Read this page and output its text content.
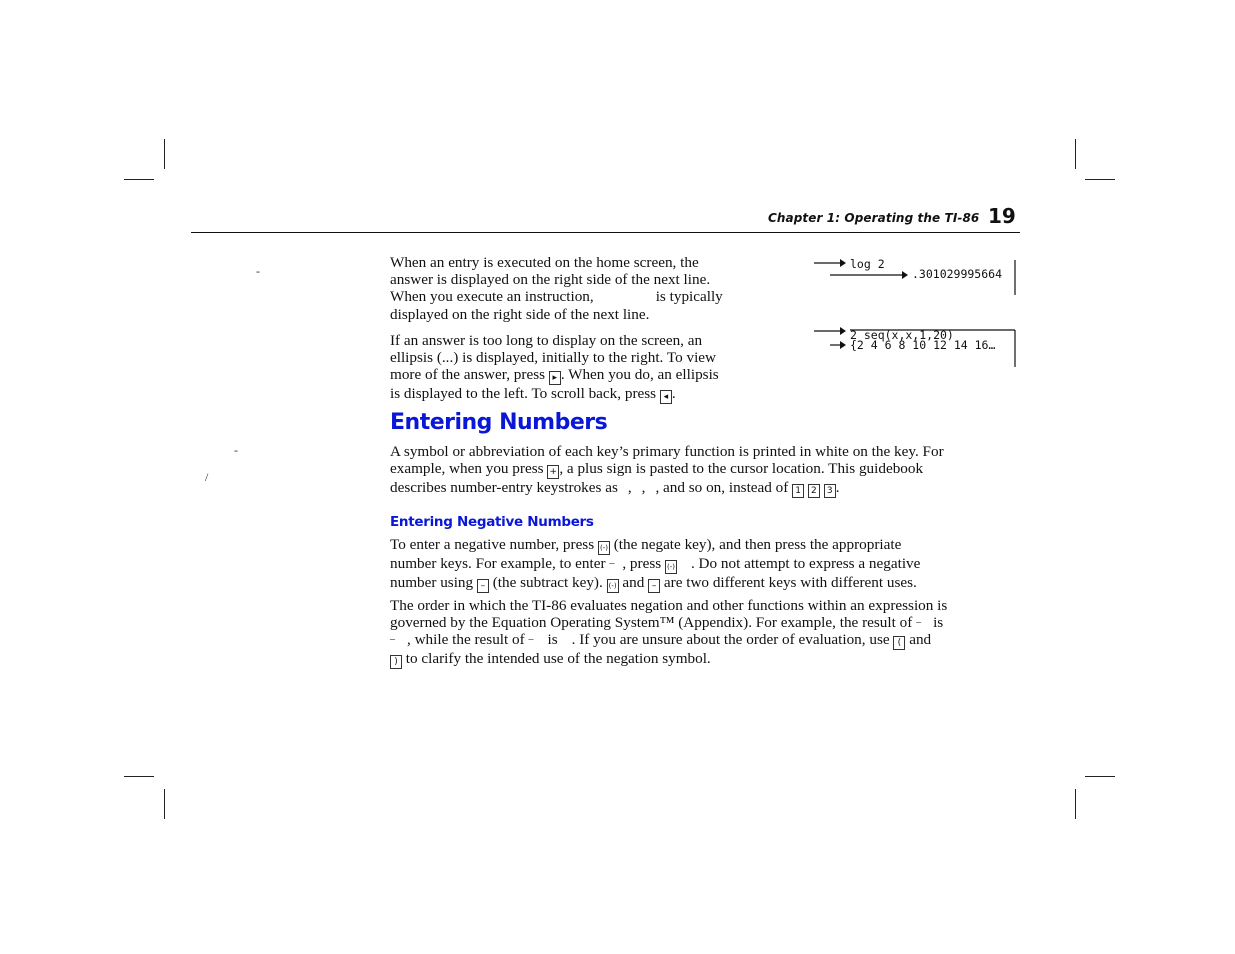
Chapter 1: Operating the TI-86 19
-
-
/
When an entry is executed on the home screen, the
answer is displayed on the right side of the next line.
When you execute an instruction,	is typically
displayed on the right side of the next line.
If an answer is too long to display on the screen, an
ellipsis (...) is displayed, initially to the right. To view
more of the answer, press ▸ . When you do, an ellipsis
is displayed to the left. To scroll back, press ◂ .
log 2
.301029995664
2 seq(x,x,1,20)
{2 4 6 8 10 12 14 16…
Entering Numbers
A symbol or abbreviation of each key’s primary function is printed in white on the key. For
example, when you press + , a plus sign is pasted to the cursor location. This guidebook
describes number-entry keystrokes as , , , and so on, instead of 1 2 3 .
Entering Negative Numbers
To enter a negative number, press (-) (the negate key), and then press the appropriate
number keys. For example, to enter – , press (-) . Do not attempt to express a negative
number using – (the subtract key). (-) and – are two different keys with different uses.
The order in which the TI-86 evaluates negation and other functions within an expression is
governed by the Equation Operating System™ (Appendix). For example, the result of – is
– , while the result of – is . If you are unsure about the order of evaluation, use ( and
) to clarify the intended use of the negation symbol.
